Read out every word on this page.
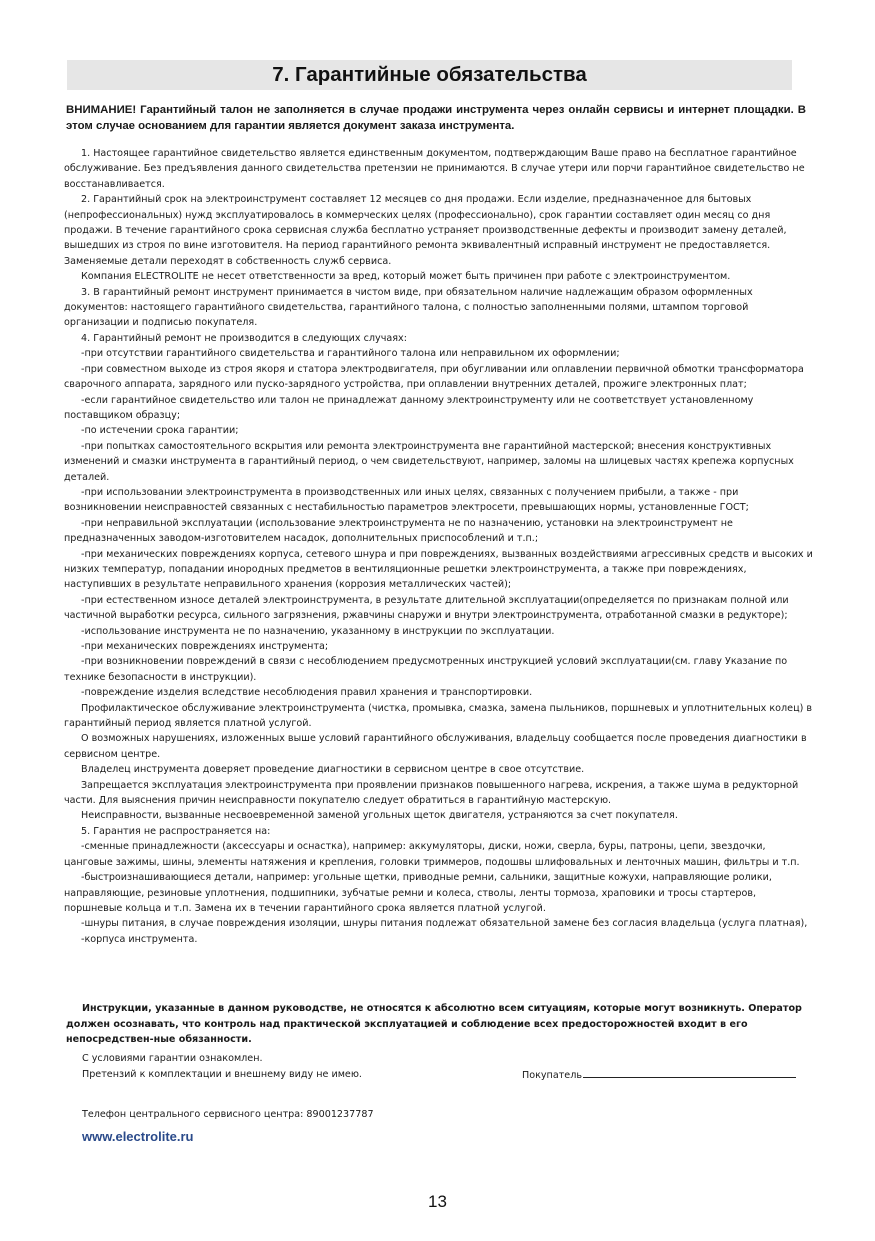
7. Гарантийные обязательства

ВНИМАНИЕ! Гарантийный талон не заполняется в случае продажи инструмента через онлайн сервисы и интернет площадки. В этом случае основанием для гарантии является документ заказа инструмента.

1. Настоящее гарантийное свидетельство является единственным документом, подтверждающим Ваше право на бесплатное гарантийное обслуживание. Без предъявления данного свидетельства претензии не принимаются. В случае утери или порчи гарантийное свидетельство не восстанавливается.

2. Гарантийный срок на электроинструмент составляет 12 месяцев со дня продажи. Если изделие, предназначенное для бытовых (непрофессиональных) нужд эксплуатировалось в коммерческих целях (профессионально), срок гарантии составляет один месяц со дня продажи. В течение гарантийного срока сервисная служба бесплатно устраняет производственные дефекты и производит замену деталей, вышедших из строя по вине изготовителя. На период гарантийного ремонта эквивалентный исправный инструмент не предоставляется. Заменяемые детали переходят в собственность служб сервиса.

Компания ELECTROLITE не несет ответственности за вред, который может быть причинен при работе с электроинструментом.

3. В гарантийный ремонт инструмент принимается в чистом виде, при обязательном наличие надлежащим образом оформленных документов: настоящего гарантийного свидетельства, гарантийного талона, с полностью заполненными полями, штампом торговой организации и подписью покупателя.

4. Гарантийный ремонт не производится в следующих случаях:

-при отсутствии гарантийного свидетельства и гарантийного талона или неправильном их оформлении;

-при совместном выходе из строя якоря и статора электродвигателя, при обугливании или оплавлении первичной обмотки трансформатора сварочного аппарата, зарядного или пуско-зарядного устройства, при оплавлении внутренних деталей, прожиге электронных плат;

-если гарантийное свидетельство или талон не принадлежат данному электроинструменту или не соответствует установленному поставщиком образцу;

-по истечении срока гарантии;

-при попытках самостоятельного вскрытия или ремонта электроинструмента вне гарантийной мастерской; внесения конструктивных изменений и смазки инструмента в гарантийный период, о чем свидетельствуют, например, заломы на шлицевых частях крепежа корпусных деталей.

-при использовании электроинструмента в производственных или иных целях, связанных с получением прибыли, а также - при возникновении неисправностей связанных с нестабильностью параметров электросети, превышающих нормы, установленные ГОСТ;

-при неправильной эксплуатации (использование электроинструмента не по назначению, установки на электроинструмент не предназначенных заводом-изготовителем насадок, дополнительных приспособлений и т.п.;

-при механических повреждениях корпуса, сетевого шнура и при повреждениях, вызванных воздействиями агрессивных средств и высоких и низких температур, попадании инородных предметов в вентиляционные решетки электроинструмента, а также при повреждениях, наступивших в результате неправильного хранения (коррозия металлических частей);

-при естественном износе деталей электроинструмента, в результате длительной эксплуатации(определяется по признакам полной или частичной выработки ресурса, сильного загрязнения, ржавчины снаружи и внутри электроинструмента, отработанной смазки в редукторе);

-использование инструмента не по назначению, указанному в инструкции по эксплуатации.

-при механических повреждениях инструмента;

-при возникновении повреждений в связи с несоблюдением предусмотренных инструкцией условий эксплуатации(см. главу Указание по технике безопасности в инструкции).

-повреждение изделия вследствие несоблюдения правил хранения и транспортировки.

Профилактическое обслуживание электроинструмента (чистка, промывка, смазка, замена пыльников, поршневых и уплотнительных колец) в гарантийный период является платной услугой.

О возможных нарушениях, изложенных выше условий гарантийного обслуживания, владельцу сообщается после проведения диагностики в сервисном центре.

Владелец инструмента доверяет проведение диагностики в сервисном центре в свое отсутствие.

Запрещается эксплуатация электроинструмента при проявлении признаков повышенного нагрева, искрения, а также шума в редукторной части. Для выяснения причин неисправности покупателю следует обратиться в гарантийную мастерскую.

Неисправности, вызванные несвоевременной заменой угольных щеток двигателя, устраняются за счет покупателя.

5. Гарантия не распространяется на:

-сменные принадлежности (аксессуары и оснастка), например: аккумуляторы, диски, ножи, сверла, буры, патроны, цепи, звездочки, цанговые зажимы, шины, элементы натяжения и крепления, головки триммеров, подошвы шлифовальных и ленточных машин, фильтры и т.п.

-быстроизнашивающиеся детали, например: угольные щетки, приводные ремни, сальники, защитные кожухи, направляющие ролики, направляющие, резиновые уплотнения, подшипники, зубчатые ремни и колеса, стволы, ленты тормоза, храповики и тросы стартеров, поршневые кольца и т.п. Замена их в течении гарантийного срока является платной услугой.

-шнуры питания, в случае повреждения изоляции, шнуры питания подлежат обязательной замене без согласия владельца (услуга платная),

-корпуса инструмента.

Инструкции, указанные в данном руководстве, не относятся к абсолютно всем ситуациям, которые могут возникнуть. Оператор должен осознавать, что контроль над практической эксплуатацией и соблюдение всех предосторожностей входит в его непосредствен-ные обязанности.

С условиями гарантии ознакомлен.
Претензий к комплектации и внешнему виду не имею.	Покупатель
Телефон центрального сервисного центра: 89001237787
www.electrolite.ru
13
